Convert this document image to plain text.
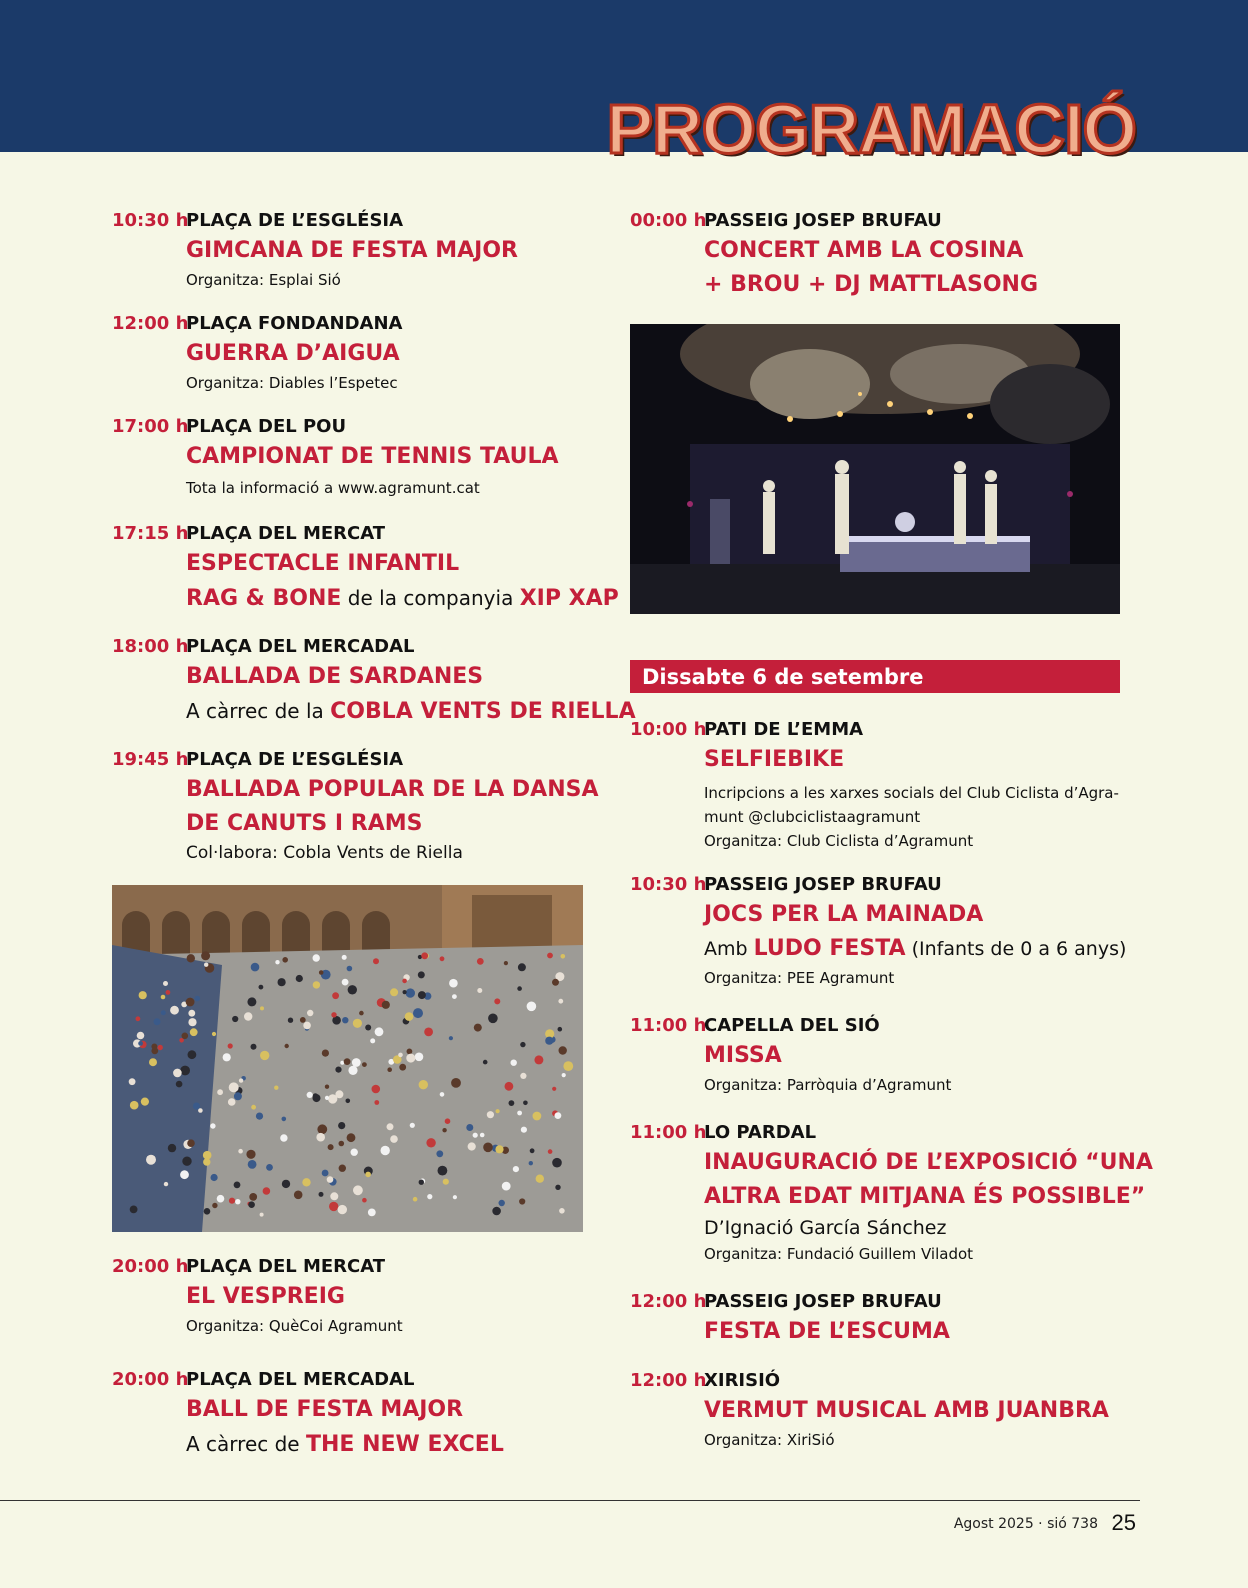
PROGRAMACIÓ
10:30 h
PLAÇA DE L’ESGLÉSIA
GIMCANA DE FESTA MAJOR
Organitza: Esplai Sió
12:00 h
PLAÇA FONDANDANA
GUERRA D’AIGUA
Organitza: Diables l’Espetec
17:00 h
PLAÇA DEL POU
CAMPIONAT DE TENNIS TAULA
Tota la informació a www.agramunt.cat
17:15 h
PLAÇA DEL MERCAT
ESPECTACLE INFANTIL
RAG & BONE de la companyia XIP XAP
18:00 h
PLAÇA DEL MERCADAL
BALLADA DE SARDANES
A càrrec de la COBLA VENTS DE RIELLA
19:45 h
PLAÇA DE L’ESGLÉSIA
BALLADA POPULAR DE LA DANSA
DE CANUTS I RAMS
Col·labora: Cobla Vents de Riella
20:00 h
PLAÇA DEL MERCAT
EL VESPREIG
Organitza: QuèCoi Agramunt
20:00 h
PLAÇA DEL MERCADAL
BALL DE FESTA MAJOR
A càrrec de THE NEW EXCEL
00:00 h
PASSEIG JOSEP BRUFAU
CONCERT AMB LA COSINA
+ BROU + DJ MATTLASONG
Dissabte 6 de setembre
10:00 h
PATI DE L’EMMA
SELFIEBIKE
Incripcions a les xarxes socials del Club Ciclista d’Agra-
munt @clubciclistaagramunt
Organitza: Club Ciclista d’Agramunt
10:30 h
PASSEIG JOSEP BRUFAU
JOCS PER LA MAINADA
Amb LUDO FESTA (Infants de 0 a 6 anys)
Organitza: PEE Agramunt
11:00 h
CAPELLA DEL SIÓ
MISSA
Organitza: Parròquia d’Agramunt
11:00 h
LO PARDAL
INAUGURACIÓ DE L’EXPOSICIÓ “UNA
ALTRA EDAT MITJANA ÉS POSSIBLE”
D’Ignació García Sánchez
Organitza: Fundació Guillem Viladot
12:00 h
PASSEIG JOSEP BRUFAU
FESTA DE L’ESCUMA
12:00 h
XIRISIÓ
VERMUT MUSICAL AMB JUANBRA
Organitza: XiriSió
Agost 2025 · sió 738 25
